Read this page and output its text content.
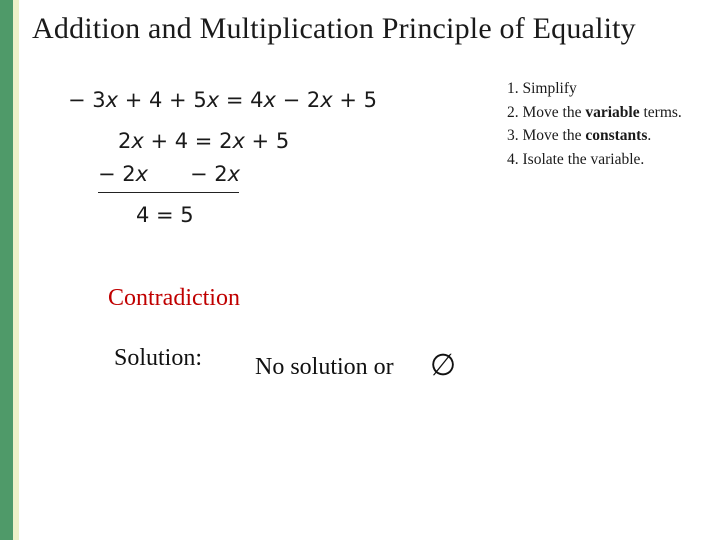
Addition and Multiplication Principle of Equality
− 3x + 4 + 5x = 4x − 2x + 5
2x + 4 = 2x + 5
− 2x − 2x
4 = 5
1. Simplify
2. Move the variable terms.
3. Move the constants.
4. Isolate the variable.
Contradiction
Solution: No solution or ∅
